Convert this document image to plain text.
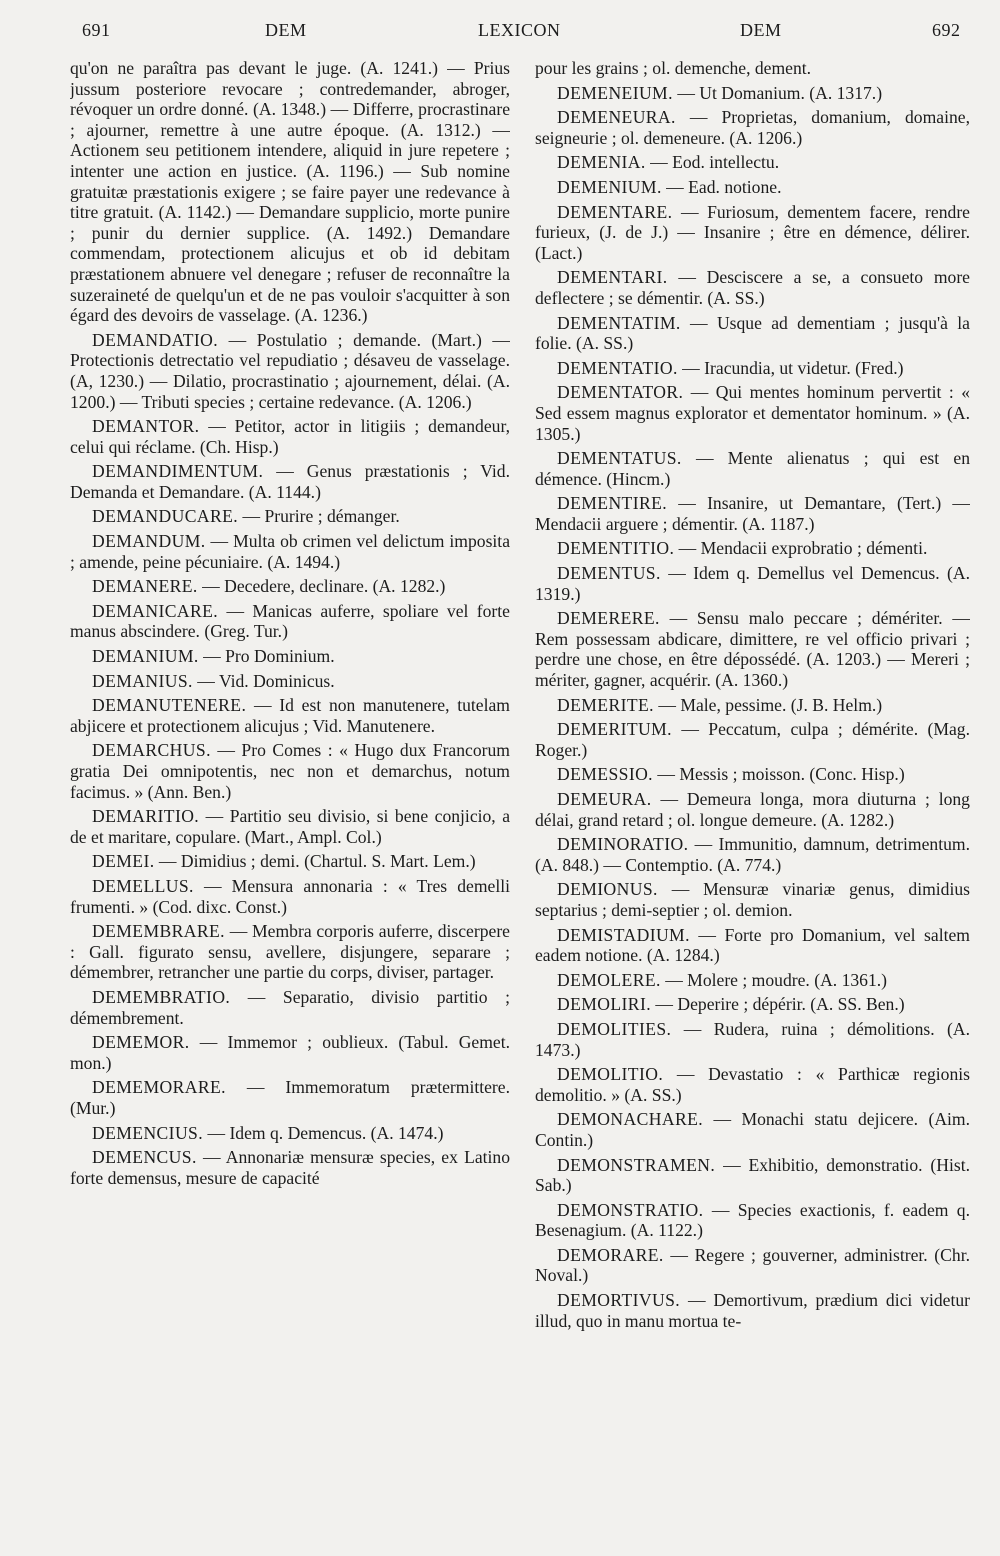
691	DEM	LEXICON	DEM	692

qu'on ne paraîtra pas devant le juge. (A. 1241.) — Prius jussum posteriore revocare ; contredemander, abroger, révoquer un ordre donné. (A. 1348.) — Differre, procrastinare ; ajourner, remettre à une autre époque. (A. 1312.) — Actionem seu petitionem intendere, aliquid in jure repetere ; intenter une action en justice. (A. 1196.) — Sub nomine gratuitæ præstationis exigere ; se faire payer une redevance à titre gratuit. (A. 1142.) — Demandare supplicio, morte punire ; punir du dernier supplice. (A. 1492.) Demandare commendam, protectionem alicujus et ob id debitam præstationem abnuere vel denegare ; refuser de reconnaître la suzeraineté de quelqu'un et de ne pas vouloir s'acquitter à son égard des devoirs de vasselage. (A. 1236.)

DEMANDATIO. — Postulatio ; demande. (Mart.) — Protectionis detrectatio vel repudiatio ; désaveu de vasselage. (A, 1230.) — Dilatio, procrastinatio ; ajournement, délai. (A. 1200.) — Tributi species ; certaine redevance. (A. 1206.)

DEMANTOR. — Petitor, actor in litigiis ; demandeur, celui qui réclame. (Ch. Hisp.)

DEMANDIMENTUM. — Genus præstationis ; Vid. Demanda et Demandare. (A. 1144.)

DEMANDUCARE. — Prurire ; démanger.

DEMANDUM. — Multa ob crimen vel delictum imposita ; amende, peine pécuniaire. (A. 1494.)

DEMANERE. — Decedere, declinare. (A. 1282.)

DEMANICARE. — Manicas auferre, spoliare vel forte manus abscindere. (Greg. Tur.)

DEMANIUM. — Pro Dominium.

DEMANIUS. — Vid. Dominicus.

DEMANUTENERE. — Id est non manutenere, tutelam abjicere et protectionem alicujus ; Vid. Manutenere.

DEMARCHUS. — Pro Comes : « Hugo dux Francorum gratia Dei omnipotentis, nec non et demarchus, notum facimus. » (Ann. Ben.)

DEMARITIO. — Partitio seu divisio, si bene conjicio, a de et maritare, copulare. (Mart., Ampl. Col.)

DEMEI. — Dimidius ; demi. (Chartul. S. Mart. Lem.)

DEMELLUS. — Mensura annonaria : « Tres demelli frumenti. » (Cod. dixc. Const.)

DEMEMBRARE. — Membra corporis auferre, discerpere : Gall. figurato sensu, avellere, disjungere, separare ; démembrer, retrancher une partie du corps, diviser, partager.

DEMEMBRATIO. — Separatio, divisio partitio ; démembrement.

DEMEMOR. — Immemor ; oublieux. (Tabul. Gemet. mon.)

DEMEMORARE. — Immemoratum prætermittere. (Mur.)

DEMENCIUS. — Idem q. Demencus. (A. 1474.)

DEMENCUS. — Annonariæ mensuræ species, ex Latino forte demensus, mesure de capacité

pour les grains ; ol. demenche, dement.

DEMENEIUM. — Ut Domanium. (A. 1317.)

DEMENEURA. — Proprietas, domanium, domaine, seigneurie ; ol. demeneure. (A. 1206.)

DEMENIA. — Eod. intellectu.

DEMENIUM. — Ead. notione.

DEMENTARE. — Furiosum, dementem facere, rendre furieux, (J. de J.) — Insanire ; être en démence, délirer. (Lact.)

DEMENTARI. — Desciscere a se, a consueto more deflectere ; se démentir. (A. SS.)

DEMENTATIM. — Usque ad dementiam ; jusqu'à la folie. (A. SS.)

DEMENTATIO. — Iracundia, ut videtur. (Fred.)

DEMENTATOR. — Qui mentes hominum pervertit : « Sed essem magnus explorator et dementator hominum. » (A. 1305.)

DEMENTATUS. — Mente alienatus ; qui est en démence. (Hincm.)

DEMENTIRE. — Insanire, ut Demantare, (Tert.) — Mendacii arguere ; démentir. (A. 1187.)

DEMENTITIO. — Mendacii exprobratio ; démenti.

DEMENTUS. — Idem q. Demellus vel Demencus. (A. 1319.)

DEMERERE. — Sensu malo peccare ; démériter. — Rem possessam abdicare, dimittere, re vel officio privari ; perdre une chose, en être dépossédé. (A. 1203.) — Mereri ; mériter, gagner, acquérir. (A. 1360.)

DEMERITE. — Male, pessime. (J. B. Helm.)

DEMERITUM. — Peccatum, culpa ; démérite. (Mag. Roger.)

DEMESSIO. — Messis ; moisson. (Conc. Hisp.)

DEMEURA. — Demeura longa, mora diuturna ; long délai, grand retard ; ol. longue demeure. (A. 1282.)

DEMINORATIO. — Immunitio, damnum, detrimentum. (A. 848.) — Contemptio. (A. 774.)

DEMIONUS. — Mensuræ vinariæ genus, dimidius septarius ; demi-septier ; ol. demion.

DEMISTADIUM. — Forte pro Domanium, vel saltem eadem notione. (A. 1284.)

DEMOLERE. — Molere ; moudre. (A. 1361.)

DEMOLIRI. — Deperire ; dépérir. (A. SS. Ben.)

DEMOLITIES. — Rudera, ruina ; démolitions. (A. 1473.)

DEMOLITIO. — Devastatio : « Parthicæ regionis demolitio. » (A. SS.)

DEMONACHARE. — Monachi statu dejicere. (Aim. Contin.)

DEMONSTRAMEN. — Exhibitio, demonstratio. (Hist. Sab.)

DEMONSTRATIO. — Species exactionis, f. eadem q. Besenagium. (A. 1122.)

DEMORARE. — Regere ; gouverner, administrer. (Chr. Noval.)

DEMORTIVUS. — Demortivum, prædium dici videtur illud, quo in manu mortua te-
